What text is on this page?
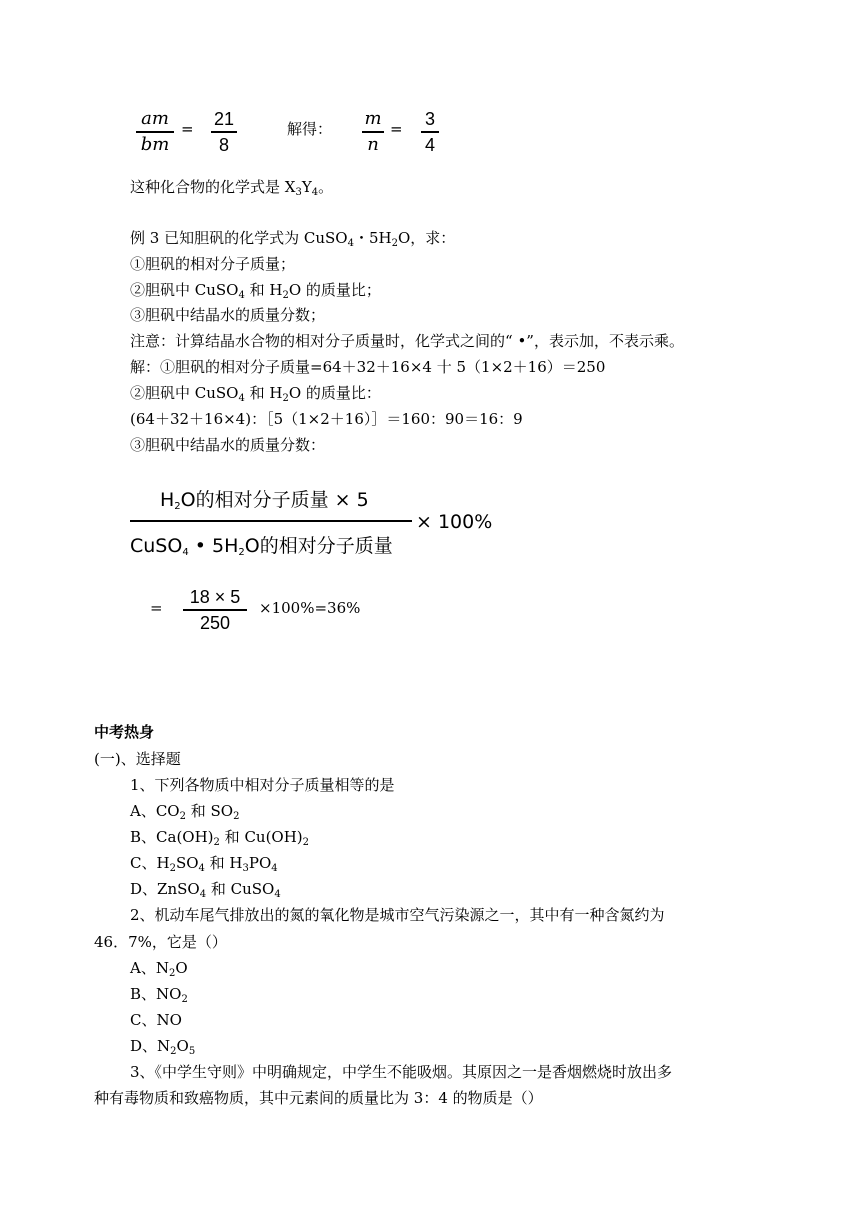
am
bm
= 21
8
解得： m
n
= 3
4
这种化合物的化学式是 $X_3Y_4$。
例 3 已知胆矾的化学式为 CuSO$_4$・$5H_2O$，求：
①胆矾的相对分子质量；
②胆矾中 CuSO$_4$ 和 $H_2O$ 的质量比；
③胆矾中结晶水的质量分数；
注意：计算结晶水合物的相对分子质量时，化学式之间的“ •”，表示加，不表示乘。
解：①胆矾的相对分子质量=64＋32＋16×4 十 5（1×2＋16）＝250
②胆矾中 CuSO$_4$ 和 $H_2O$ 的质量比：
(64＋32＋16×4)：［5（1×2＋16）］＝160：90＝16：9
③胆矾中结晶水的质量分数：
$H_2O$的相对分子质量 × 5
× 100%
CuSO$_4$ • $5H_2O$的相对分子质量
=
18 × 5
250
×100%=36%
中考热身
(一)、选择题
1、下列各物质中相对分子质量相等的是
A、$CO_2$ 和 $SO_2$
B、$Ca(OH)_2$ 和 $Cu(OH)_2$
C、$H_2SO_4$ 和 $H_3PO_4$
D、ZnSO$_4$ 和 CuSO$_4$
2、机动车尾气排放出的氮的氧化物是城市空气污染源之一，其中有一种含氮约为
46．7%，它是（）
A、$N_2O$
B、$NO_2$
C、NO
D、$N_2O_5$
3、《中学生守则》中明确规定，中学生不能吸烟。其原因之一是香烟燃烧时放出多
种有毒物质和致癌物质，其中元素间的质量比为 3：4 的物质是（）
